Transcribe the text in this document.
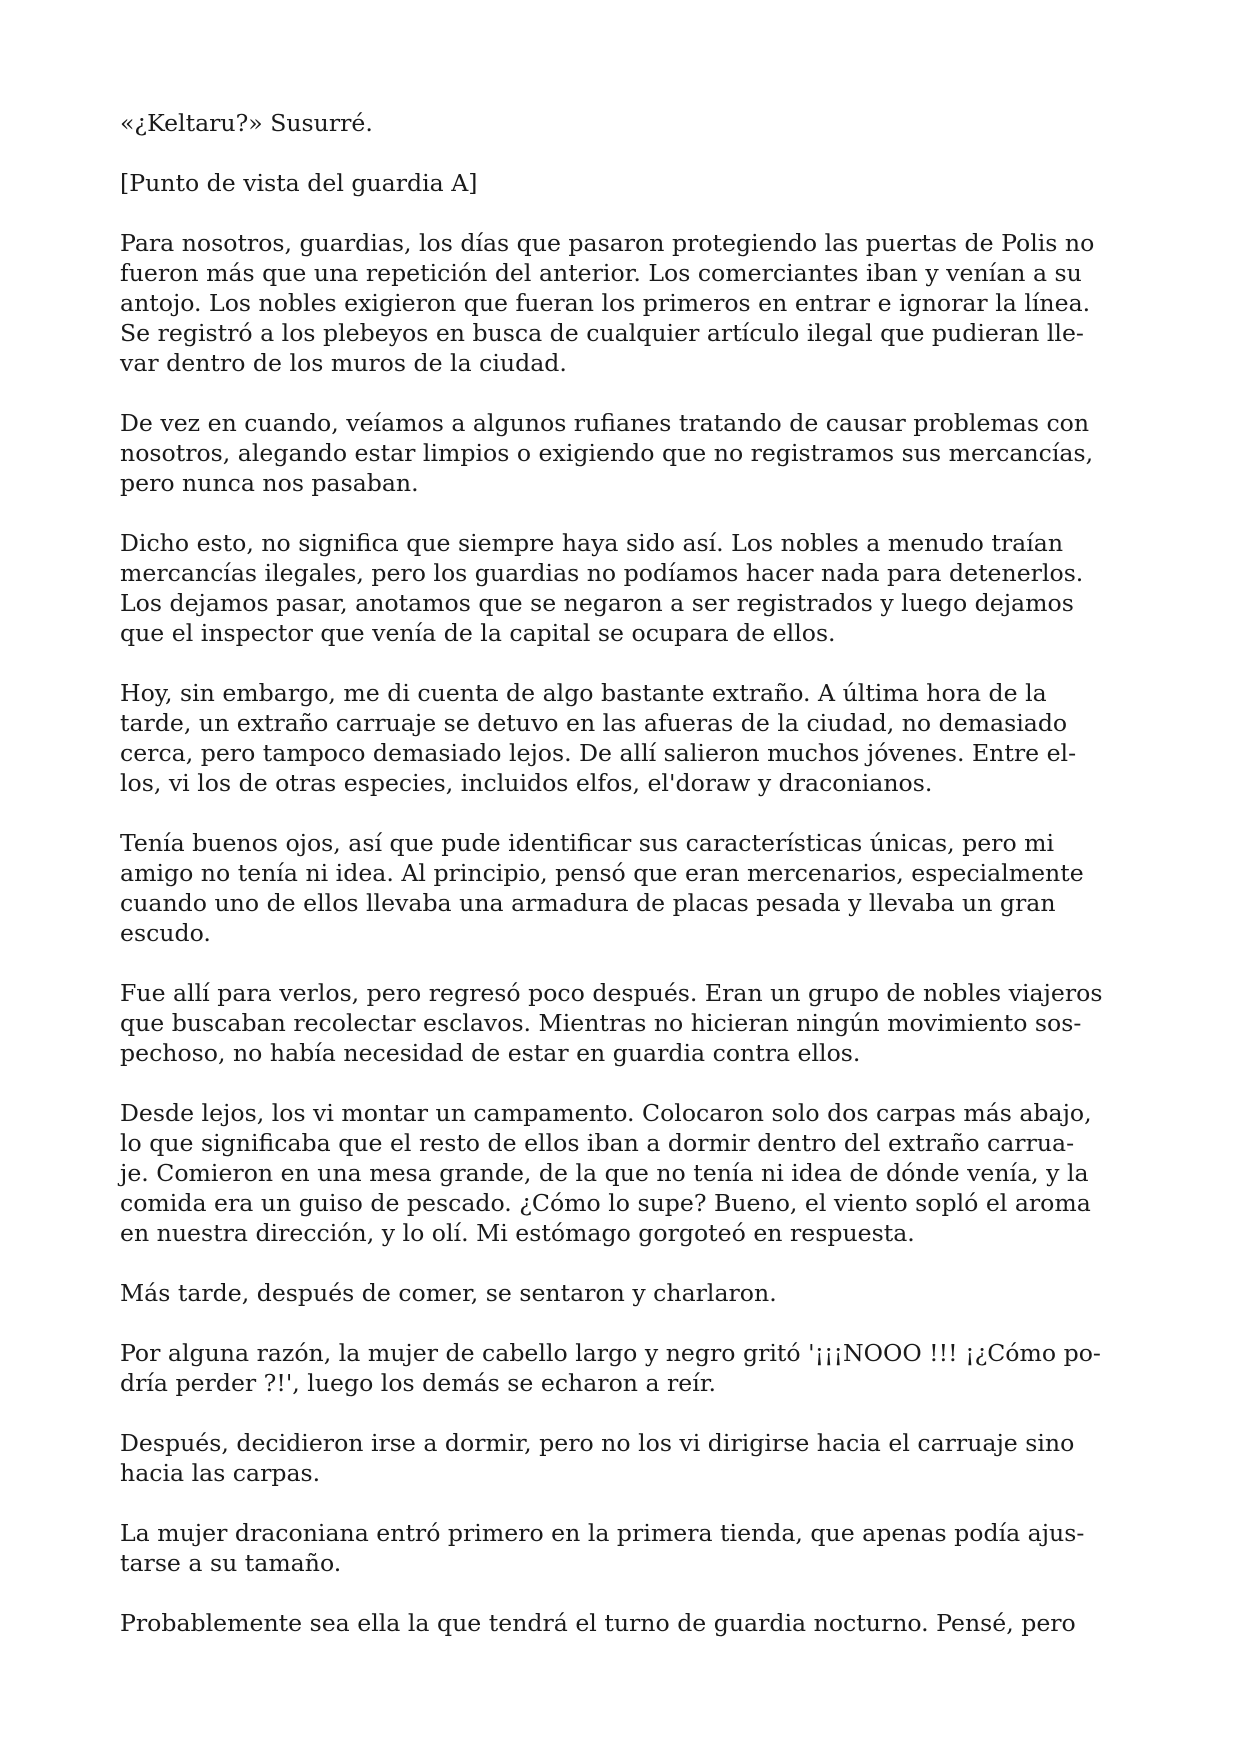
«¿Keltaru?» Susurré.

[Punto de vista del guardia A]

Para nosotros, guardias, los días que pasaron protegiendo las puertas de Polis no
fueron más que una repetición del anterior. Los comerciantes iban y venían a su
antojo. Los nobles exigieron que fueran los primeros en entrar e ignorar la línea.
Se registró a los plebeyos en busca de cualquier artículo ilegal que pudieran lle-
var dentro de los muros de la ciudad.

De vez en cuando, veíamos a algunos rufianes tratando de causar problemas con
nosotros, alegando estar limpios o exigiendo que no registramos sus mercancías,
pero nunca nos pasaban.

Dicho esto, no significa que siempre haya sido así. Los nobles a menudo traían
mercancías ilegales, pero los guardias no podíamos hacer nada para detenerlos.
Los dejamos pasar, anotamos que se negaron a ser registrados y luego dejamos
que el inspector que venía de la capital se ocupara de ellos.

Hoy, sin embargo, me di cuenta de algo bastante extraño. A última hora de la
tarde, un extraño carruaje se detuvo en las afueras de la ciudad, no demasiado
cerca, pero tampoco demasiado lejos. De allí salieron muchos jóvenes. Entre el-
los, vi los de otras especies, incluidos elfos, el'doraw y draconianos.

Tenía buenos ojos, así que pude identificar sus características únicas, pero mi
amigo no tenía ni idea. Al principio, pensó que eran mercenarios, especialmente
cuando uno de ellos llevaba una armadura de placas pesada y llevaba un gran
escudo.

Fue allí para verlos, pero regresó poco después. Eran un grupo de nobles viajeros
que buscaban recolectar esclavos. Mientras no hicieran ningún movimiento sos-
pechoso, no había necesidad de estar en guardia contra ellos.

Desde lejos, los vi montar un campamento. Colocaron solo dos carpas más abajo,
lo que significaba que el resto de ellos iban a dormir dentro del extraño carrua-
je. Comieron en una mesa grande, de la que no tenía ni idea de dónde venía, y la
comida era un guiso de pescado. ¿Cómo lo supe? Bueno, el viento sopló el aroma
en nuestra dirección, y lo olí. Mi estómago gorgoteó en respuesta.

Más tarde, después de comer, se sentaron y charlaron.

Por alguna razón, la mujer de cabello largo y negro gritó '¡¡¡NOOO !!! ¡¿Cómo po-
dría perder ?!', luego los demás se echaron a reír.

Después, decidieron irse a dormir, pero no los vi dirigirse hacia el carruaje sino
hacia las carpas.

La mujer draconiana entró primero en la primera tienda, que apenas podía ajus-
tarse a su tamaño.

Probablemente sea ella la que tendrá el turno de guardia nocturno. Pensé, pero
